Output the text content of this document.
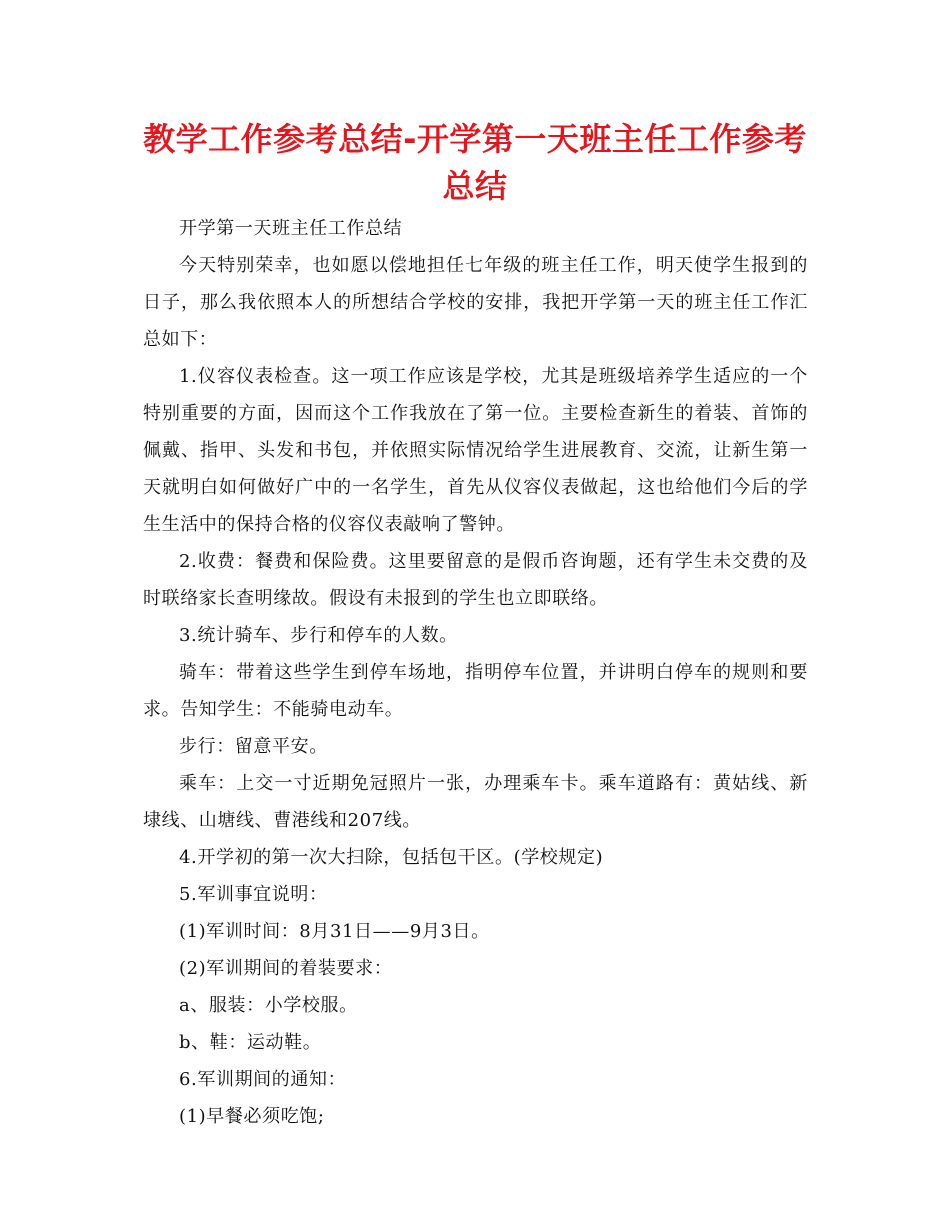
教学工作参考总结-开学第一天班主任工作参考总结

开学第一天班主任工作总结

今天特别荣幸，也如愿以偿地担任七年级的班主任工作，明天使学生报到的日子，那么我依照本人的所想结合学校的安排，我把开学第一天的班主任工作汇总如下：

1.仪容仪表检查。这一项工作应该是学校，尤其是班级培养学生适应的一个特别重要的方面，因而这个工作我放在了第一位。主要检查新生的着装、首饰的佩戴、指甲、头发和书包，并依照实际情况给学生进展教育、交流，让新生第一天就明白如何做好广中的一名学生，首先从仪容仪表做起，这也给他们今后的学生生活中的保持合格的仪容仪表敲响了警钟。

2.收费：餐费和保险费。这里要留意的是假币咨询题，还有学生未交费的及时联络家长查明缘故。假设有未报到的学生也立即联络。

3.统计骑车、步行和停车的人数。

骑车：带着这些学生到停车场地，指明停车位置，并讲明白停车的规则和要求。告知学生：不能骑电动车。

步行：留意平安。

乘车：上交一寸近期免冠照片一张，办理乘车卡。乘车道路有：黄姑线、新埭线、山塘线、曹港线和207线。

4.开学初的第一次大扫除，包括包干区。(学校规定)

5.军训事宜说明：

(1)军训时间：8月31日——9月3日。

(2)军训期间的着装要求：

a、服装：小学校服。

b、鞋：运动鞋。

6.军训期间的通知：

(1)早餐必须吃饱;
